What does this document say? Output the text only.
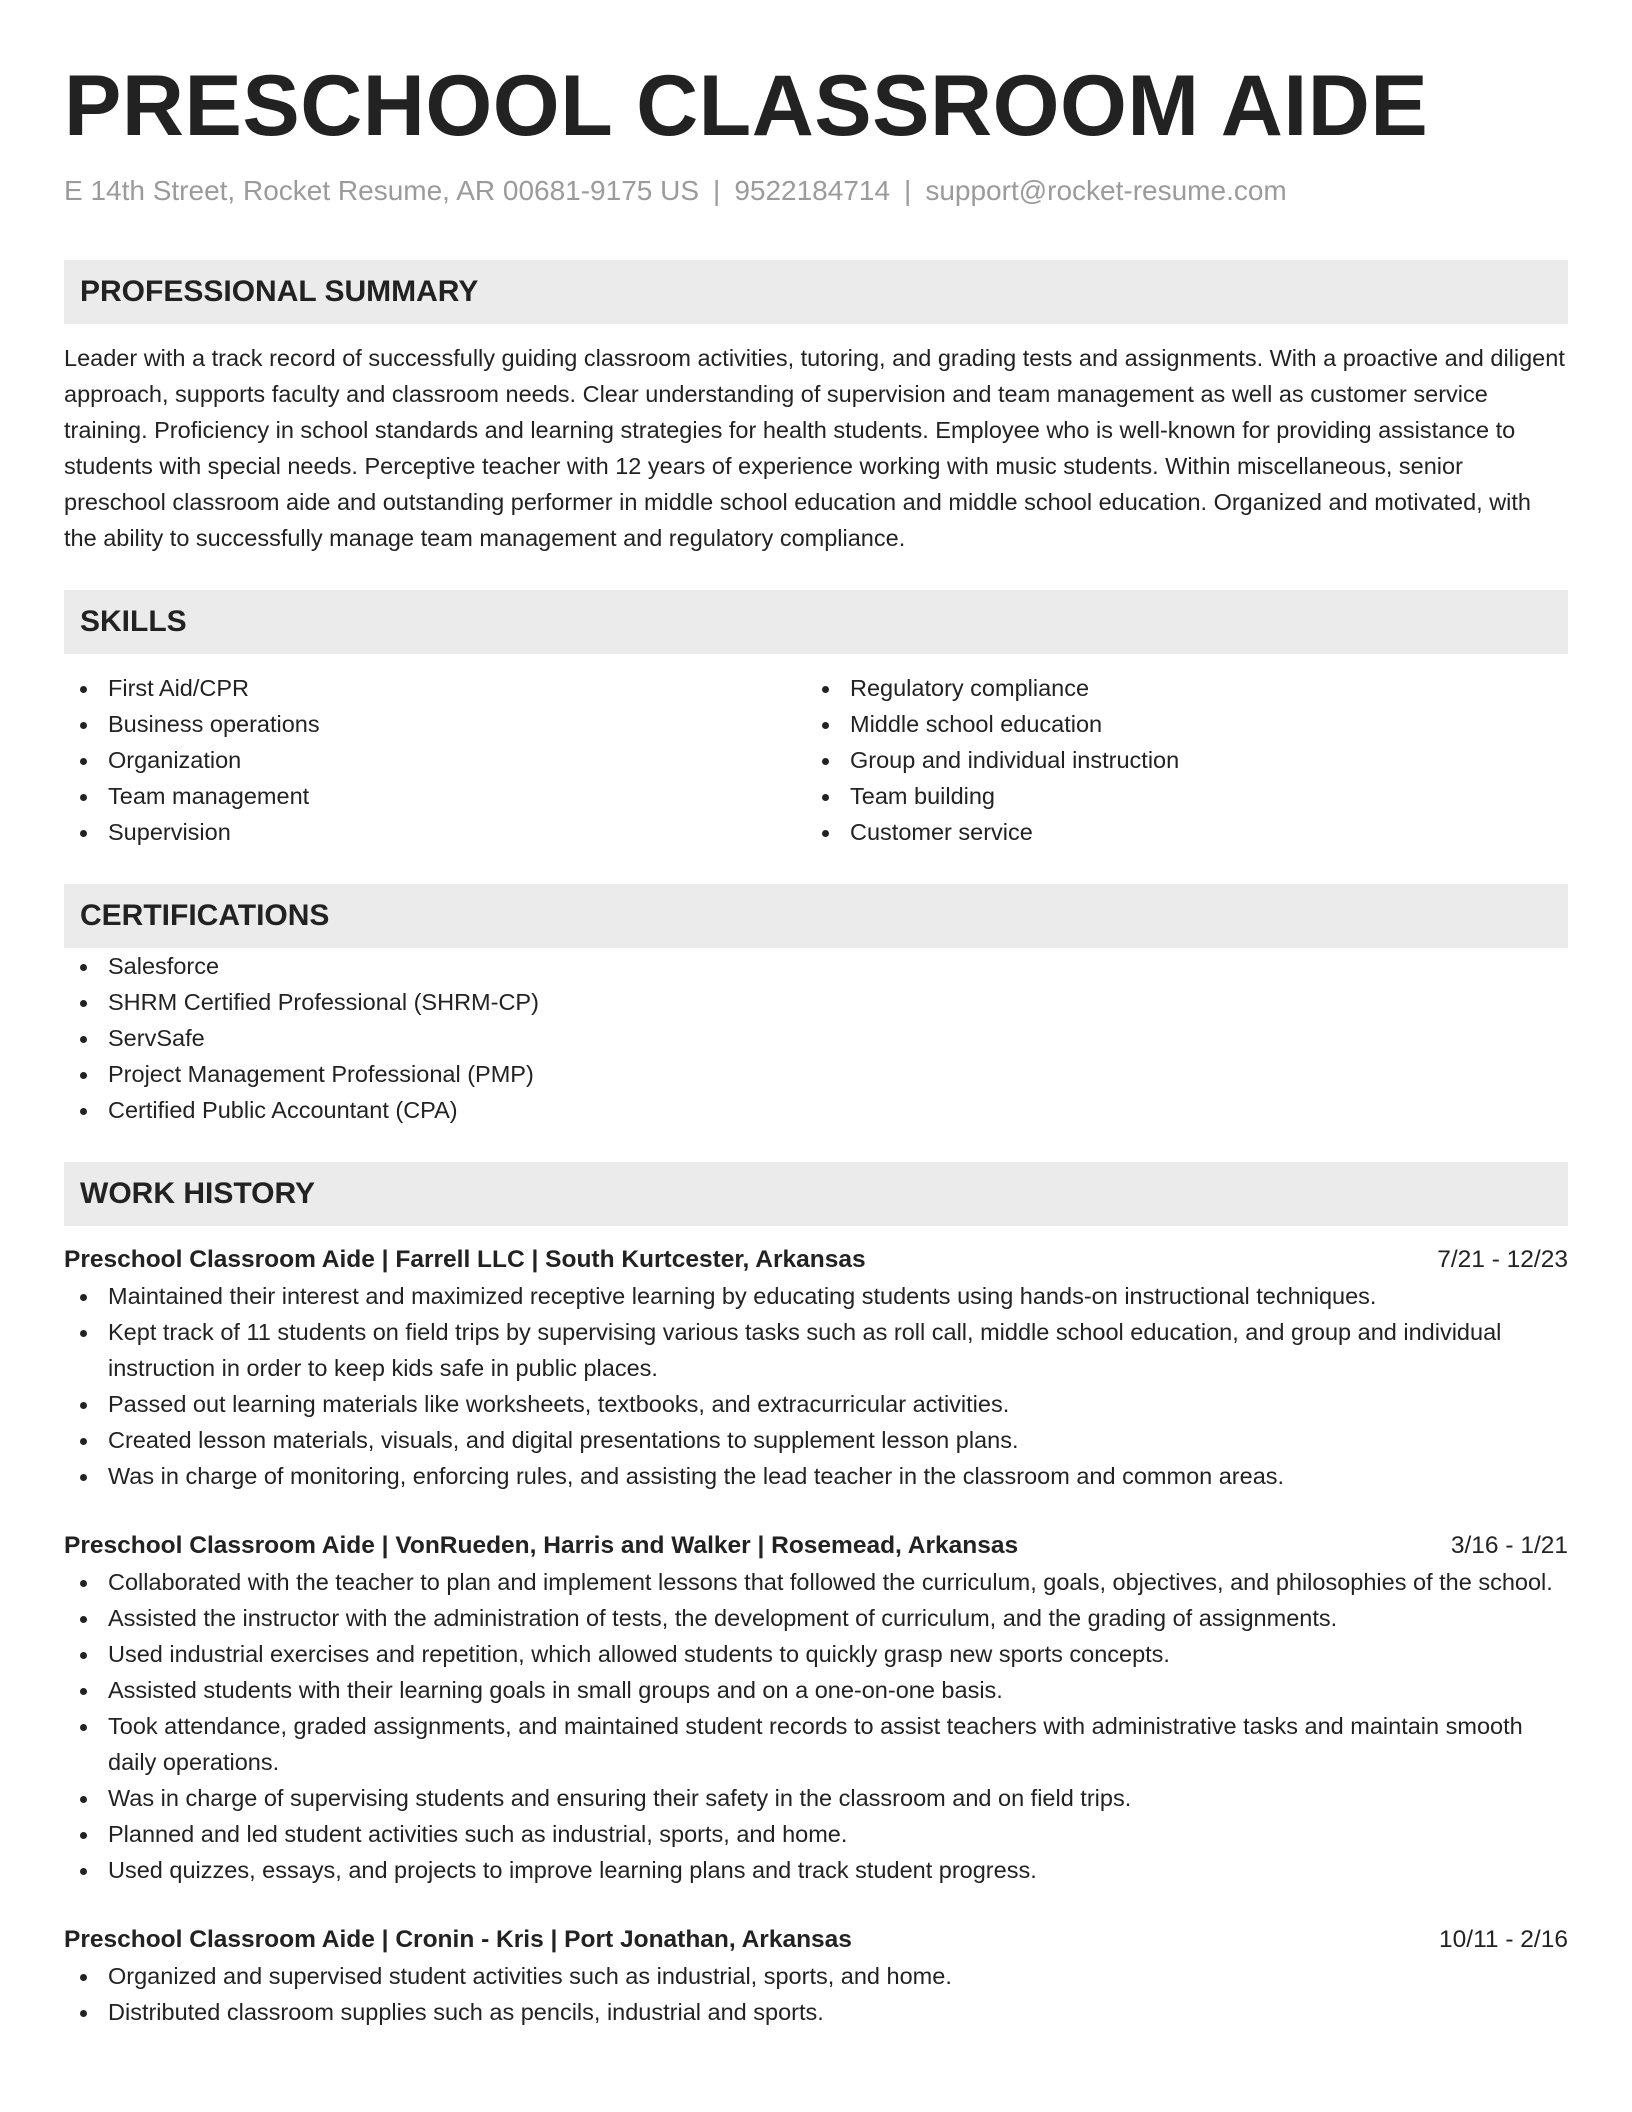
PRESCHOOL CLASSROOM AIDE
E 14th Street, Rocket Resume, AR 00681-9175 US | 9522184714 | support@rocket-resume.com
PROFESSIONAL SUMMARY

Leader with a track record of successfully guiding classroom activities, tutoring, and grading tests and assignments. With a proactive and diligent approach, supports faculty and classroom needs. Clear understanding of supervision and team management as well as customer service training. Proficiency in school standards and learning strategies for health students. Employee who is well-known for providing assistance to students with special needs. Perceptive teacher with 12 years of experience working with music students. Within miscellaneous, senior preschool classroom aide and outstanding performer in middle school education and middle school education. Organized and motivated, with the ability to successfully manage team management and regulatory compliance.

SKILLS
First Aid/CPR
Business operations
Organization
Team management
Supervision
Regulatory compliance
Middle school education
Group and individual instruction
Team building
Customer service
CERTIFICATIONS
Salesforce
SHRM Certified Professional (SHRM-CP)
ServSafe
Project Management Professional (PMP)
Certified Public Accountant (CPA)
WORK HISTORY
Preschool Classroom Aide | Farrell LLC | South Kurtcester, Arkansas	7/21 - 12/23
Maintained their interest and maximized receptive learning by educating students using hands-on instructional techniques.
Kept track of 11 students on field trips by supervising various tasks such as roll call, middle school education, and group and individual instruction in order to keep kids safe in public places.
Passed out learning materials like worksheets, textbooks, and extracurricular activities.
Created lesson materials, visuals, and digital presentations to supplement lesson plans.
Was in charge of monitoring, enforcing rules, and assisting the lead teacher in the classroom and common areas.
Preschool Classroom Aide | VonRueden, Harris and Walker | Rosemead, Arkansas	3/16 - 1/21
Collaborated with the teacher to plan and implement lessons that followed the curriculum, goals, objectives, and philosophies of the school.
Assisted the instructor with the administration of tests, the development of curriculum, and the grading of assignments.
Used industrial exercises and repetition, which allowed students to quickly grasp new sports concepts.
Assisted students with their learning goals in small groups and on a one-on-one basis.
Took attendance, graded assignments, and maintained student records to assist teachers with administrative tasks and maintain smooth daily operations.
Was in charge of supervising students and ensuring their safety in the classroom and on field trips.
Planned and led student activities such as industrial, sports, and home.
Used quizzes, essays, and projects to improve learning plans and track student progress.
Preschool Classroom Aide | Cronin - Kris | Port Jonathan, Arkansas	10/11 - 2/16
Organized and supervised student activities such as industrial, sports, and home.
Distributed classroom supplies such as pencils, industrial and sports.
